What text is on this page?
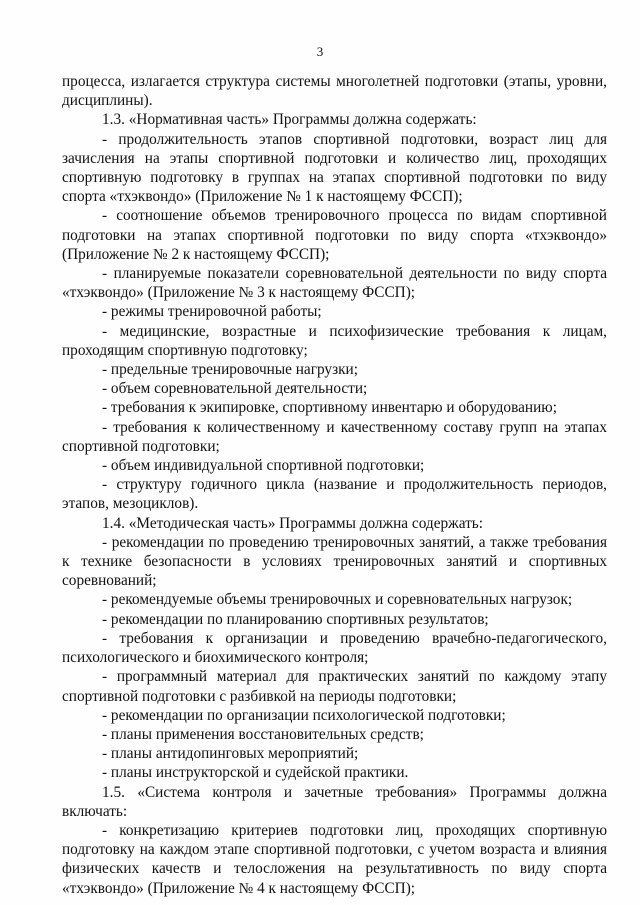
3

процесса, излагается структура системы многолетней подготовки (этапы, уровни, дисциплины).

1.3. «Нормативная часть» Программы должна содержать:

- продолжительность этапов спортивной подготовки, возраст лиц для зачисления на этапы спортивной подготовки и количество лиц, проходящих спортивную подготовку в группах на этапах спортивной подготовки по виду спорта «тхэквондо» (Приложение № 1 к настоящему ФССП);

- соотношение объемов тренировочного процесса по видам спортивной подготовки на этапах спортивной подготовки по виду спорта «тхэквондо» (Приложение № 2 к настоящему ФССП);

- планируемые показатели соревновательной деятельности по виду спорта «тхэквондо» (Приложение № 3 к настоящему ФССП);

- режимы тренировочной работы;

- медицинские, возрастные и психофизические требования к лицам, проходящим спортивную подготовку;

- предельные тренировочные нагрузки;

- объем соревновательной деятельности;

- требования к экипировке, спортивному инвентарю и оборудованию;

- требования к количественному и качественному составу групп на этапах спортивной подготовки;

- объем индивидуальной спортивной подготовки;

- структуру годичного цикла (название и продолжительность периодов, этапов, мезоциклов).

1.4. «Методическая часть» Программы должна содержать:

- рекомендации по проведению тренировочных занятий, а также требования к технике безопасности в условиях тренировочных занятий и спортивных соревнований;

- рекомендуемые объемы тренировочных и соревновательных нагрузок;

- рекомендации по планированию спортивных результатов;

- требования к организации и проведению врачебно-педагогического, психологического и биохимического контроля;

- программный материал для практических занятий по каждому этапу спортивной подготовки с разбивкой на периоды подготовки;

- рекомендации по организации психологической подготовки;

- планы применения восстановительных средств;

- планы антидопинговых мероприятий;

- планы инструкторской и судейской практики.

1.5. «Система контроля и зачетные требования» Программы должна включать:

- конкретизацию критериев подготовки лиц, проходящих спортивную подготовку на каждом этапе спортивной подготовки, с учетом возраста и влияния физических качеств и телосложения на результативность по виду спорта «тхэквондо» (Приложение № 4 к настоящему ФССП);
